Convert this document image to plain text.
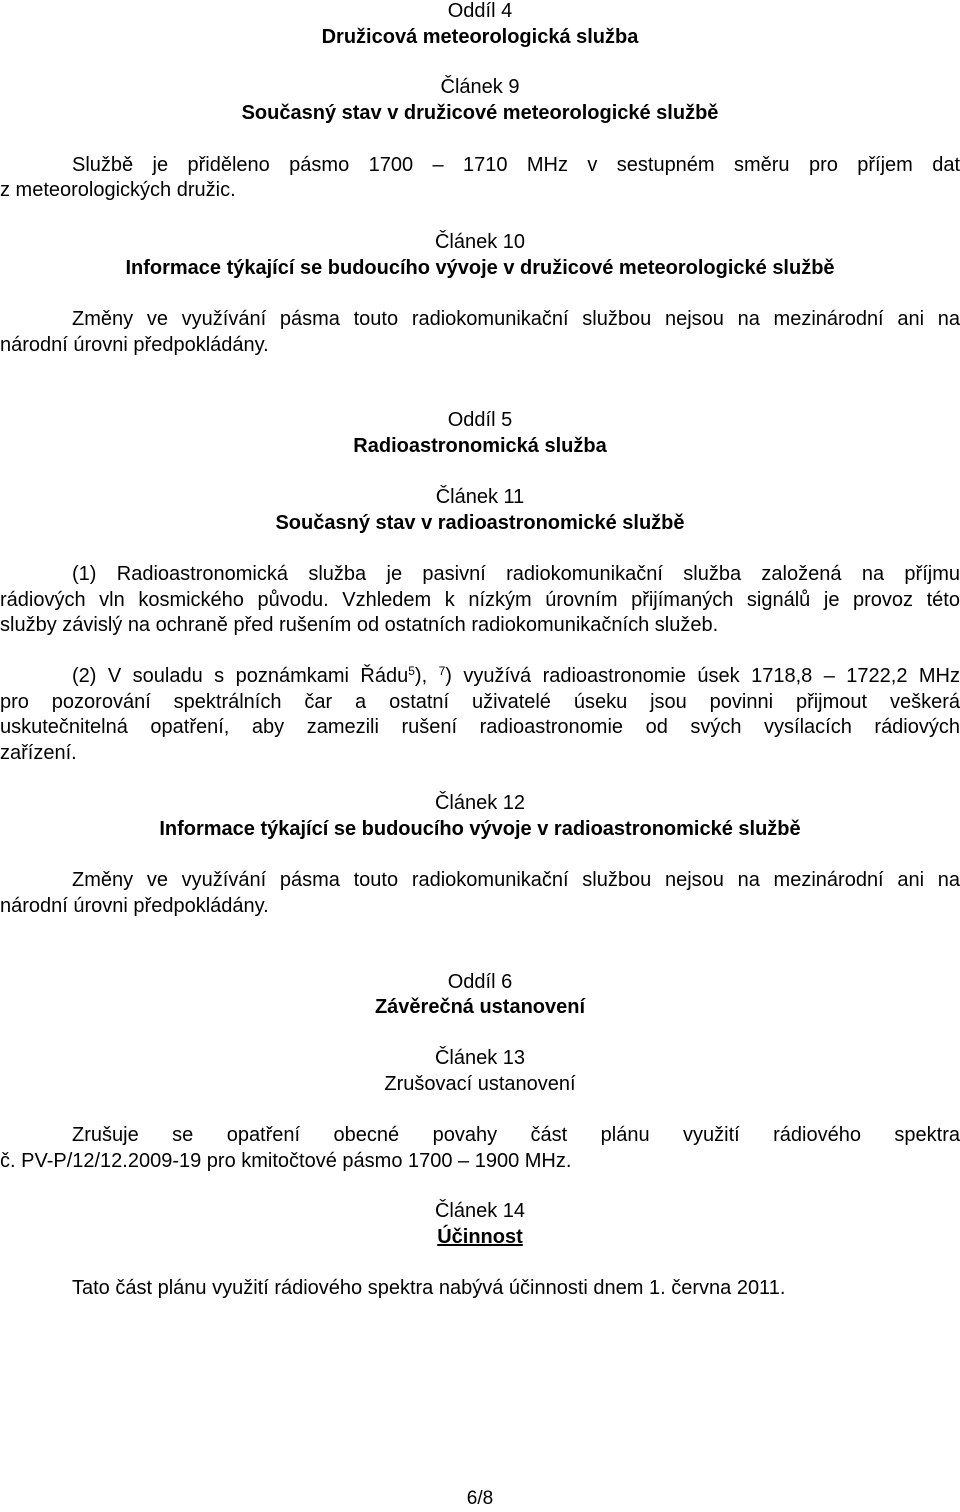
Oddíl 4

Družicová meteorologická služba

Článek 9

Současný stav v družicové meteorologické službě

Službě je přiděleno pásmo 1700 – 1710 MHz v sestupném směru pro příjem dat

z meteorologických družic.

Článek 10

Informace týkající se budoucího vývoje v družicové meteorologické službě

Změny ve využívání pásma touto radiokomunikační službou nejsou na mezinárodní ani na

národní úrovni předpokládány.

Oddíl 5

Radioastronomická služba

Článek 11

Současný stav v radioastronomické službě

(1) Radioastronomická služba je pasivní radiokomunikační služba založená na příjmu

rádiových vln kosmického původu. Vzhledem k nízkým úrovním přijímaných signálů je provoz této

služby závislý na ochraně před rušením od ostatních radiokomunikačních služeb.

(2) V souladu s poznámkami Řádu$^5$), $^7$) využívá radioastronomie úsek 1718,8 – 1722,2 MHz

pro pozorování spektrálních čar a ostatní uživatelé úseku jsou povinni přijmout veškerá

uskutečnitelná opatření, aby zamezili rušení radioastronomie od svých vysílacích rádiových

zařízení.

Článek 12

Informace týkající se budoucího vývoje v radioastronomické službě

Změny ve využívání pásma touto radiokomunikační službou nejsou na mezinárodní ani na

národní úrovni předpokládány.

Oddíl 6

Závěrečná ustanovení

Článek 13

Zrušovací ustanovení

Zrušuje se opatření obecné povahy část plánu využití rádiového spektra

č. PV-P/12/12.2009-19 pro kmitočtové pásmo 1700 – 1900 MHz.

Článek 14

Účinnost

Tato část plánu využití rádiového spektra nabývá účinnosti dnem 1. června 2011.

6/8
